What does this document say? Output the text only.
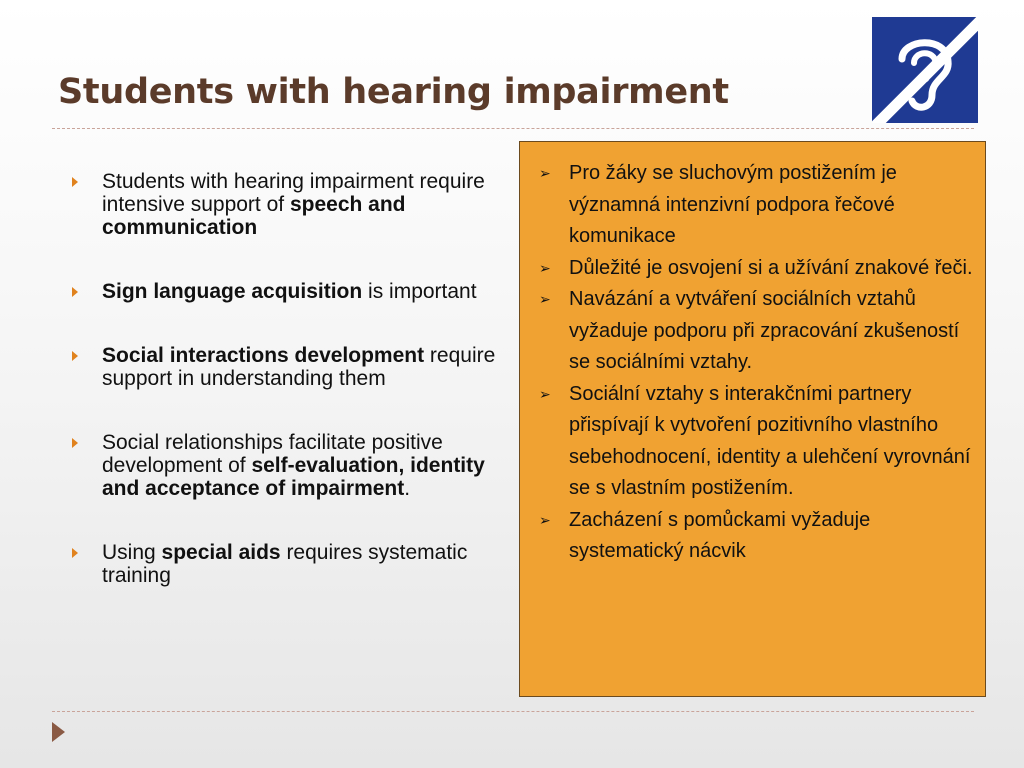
Students with hearing impairment
Students with hearing impairment require intensive support of speech and communication
Sign language acquisition is important
Social interactions development require support in understanding them
Social relationships facilitate positive development of self-evaluation, identity and acceptance of impairment.
Using special aids requires systematic training
➢ Pro žáky se sluchovým postižením je významná intenzivní podpora řečové komunikace
➢ Důležité je osvojení si a užívání znakové řeči.
➢ Navázání a vytváření sociálních vztahů vyžaduje podporu při zpracování zkušeností se sociálními vztahy.
➢ Sociální vztahy s interakčními partnery přispívají k vytvoření pozitivního vlastního sebehodnocení, identity a ulehčení vyrovnání se s vlastním postižením.
➢ Zacházení s pomůckami vyžaduje systematický nácvik
